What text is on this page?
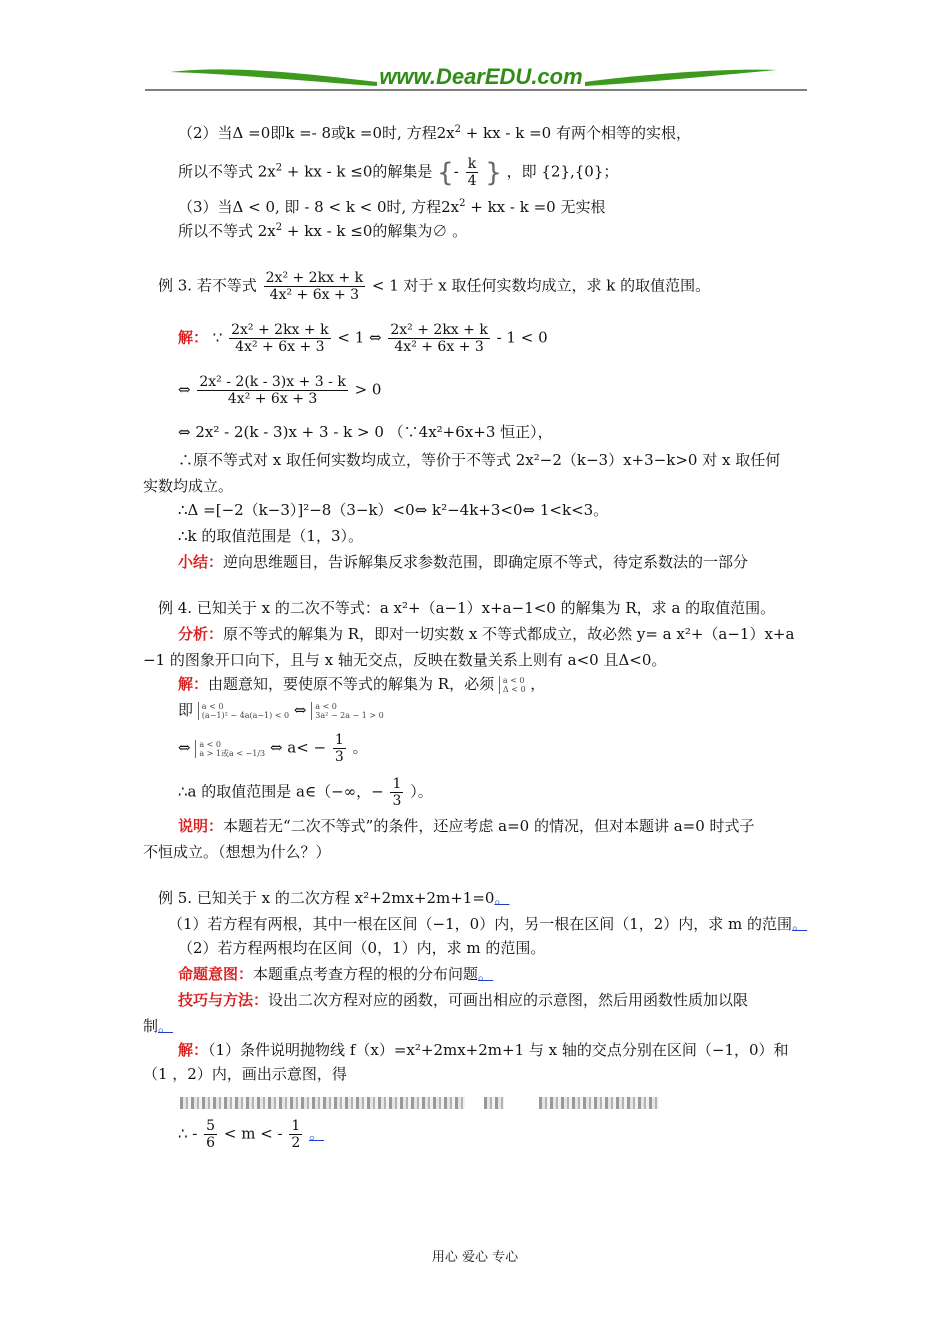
www.DearEDU.com
（2）当Δ =0即k =- 8或k =0时, 方程$2x^2$ + kx - k =0 有两个相等的实根，
所以不等式 $2x^2$ + kx - k ≤0的解集是 {- $\frac{k}{4}$ } ，即 {2},{0}；
（3）当Δ < 0, 即 - 8 < k < 0时, 方程$2x^2$ + kx - k =0 无实根
所以不等式 $2x^2$ + kx - k ≤0的解集为∅ 。
例 3. 若不等式 $\frac{\text{2x² + 2kx + k}}{\text{4x² + 6x + 3}} < 1$ 对于 x 取任何实数均成立，求 k 的取值范围。
解： ∵ $\frac{\text{2x² + 2kx + k}}{\text{4x² + 6x + 3}} < 1$ ⇔ $\frac{\text{2x² + 2kx + k}}{\text{4x² + 6x + 3}} - 1 < 0$
⇔ $\frac{\text{2x² - 2(k - 3)x + 3 - k}}{\text{4x² + 6x + 3}} > 0$
⇔ 2x² - 2(k - 3)x + 3 - k > 0 （∵4x²+6x+3 恒正），
∴原不等式对 x 取任何实数均成立，等价于不等式 2x²−2（k−3）x+3−k>0 对 x 取任何
实数均成立。
∴Δ =[−2（k−3）]²−8（3−k）<0⇔ k²−4k+3<0⇔ 1<k<3。
∴k 的取值范围是（1，3）。
小结：逆向思维题目，告诉解集反求参数范围，即确定原不等式，待定系数法的一部分
例 4. 已知关于 x 的二次不等式：a x²+（a−1）x+a−1<0 的解集为 R，求 a 的取值范围。
分析：原不等式的解集为 R，即对一切实数 x 不等式都成立，故必然 y= a x²+（a−1）x+a
−1 的图象开口向下，且与 x 轴无交点，反映在数量关系上则有 a<0 且Δ<0。
解：由题意知，要使原不等式的解集为 R，必须 a < 0
Δ < 0 ，
即 a < 0
(a−1)² − 4a(a−1) < 0 ⇔ a < 0
3a² − 2a − 1 > 0
⇔ a < 0
a > 1或a < −1/3 ⇔ $a< - \frac{1}{3}$ 。
∴a 的取值范围是 a∈（−∞，− $\frac{1}{3}$ ）。
说明：本题若无“二次不等式”的条件，还应考虑 a=0 的情况，但对本题讲 a=0 时式子
不恒成立。（想想为什么？）
例 5. 已知关于 x 的二次方程 x²+2mx+2m+1=0。
（1）若方程有两根，其中一根在区间（−1，0）内，另一根在区间（1，2）内，求 m 的范围。
（2）若方程两根均在区间（0，1）内，求 m 的范围。
命题意图：本题重点考查方程的根的分布问题。
技巧与方法：设出二次方程对应的函数，可画出相应的示意图，然后用函数性质加以限
制。
解：（1）条件说明抛物线 f（x）=x²+2mx+2m+1 与 x 轴的交点分别在区间（−1，0）和
（1 ，2）内，画出示意图，得

∴ - $\frac{5}{6} < m$ < - $\frac{1}{2}$ 。
用心 爱心 专心
